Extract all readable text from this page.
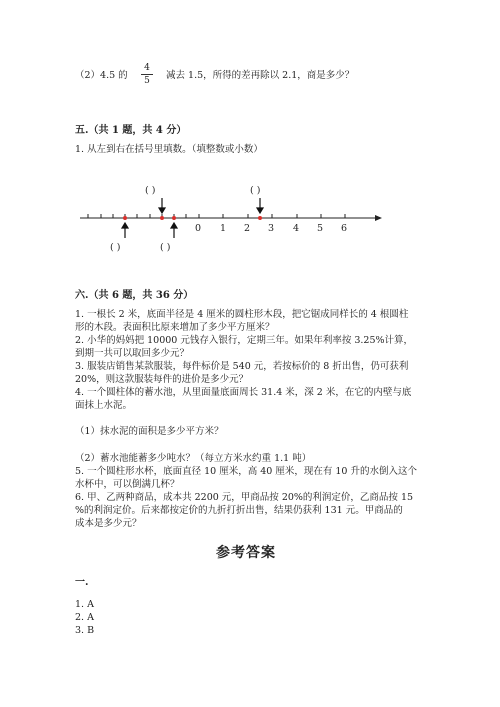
（2）4.5 的
4
5	减去 1.5，所得的差再除以 2.1，商是多少？
五.（共 1 题，共 4 分）
1. 从左到右在括号里填数。（填整数或小数）
( )	( )
0 1 2 3 4 5 6
( )	( )
六.（共 6 题，共 36 分）
1. 一根长 2 米，底面半径是 4 厘米的圆柱形木段，把它锯成同样长的 4 根圆柱
形的木段。表面积比原来增加了多少平方厘米？
2. 小华的妈妈把 10000 元钱存入银行，定期三年。如果年利率按 3.25%计算，
到期一共可以取回多少元？
3. 服装店销售某款服装，每件标价是 540 元，若按标价的 8 折出售，仍可获利
20%，则这款服装每件的进价是多少元？
4. 一个圆柱体的蓄水池，从里面量底面周长 31.4 米，深 2 米，在它的内壁与底
面抹上水泥。
（1）抹水泥的面积是多少平方米？
（2）蓄水池能蓄多少吨水？（每立方米水约重 1.1 吨）
5. 一个圆柱形水杯，底面直径 10 厘米，高 40 厘米，现在有 10 升的水倒入这个
水杯中，可以倒满几杯？
6. 甲、乙两种商品，成本共 2200 元，甲商品按 20%的利润定价，乙商品按 15
%的利润定价。后来都按定价的九折打折出售，结果仍获利 131 元。甲商品的
成本是多少元？
参考答案
一.
1. A
2. A
3. B
